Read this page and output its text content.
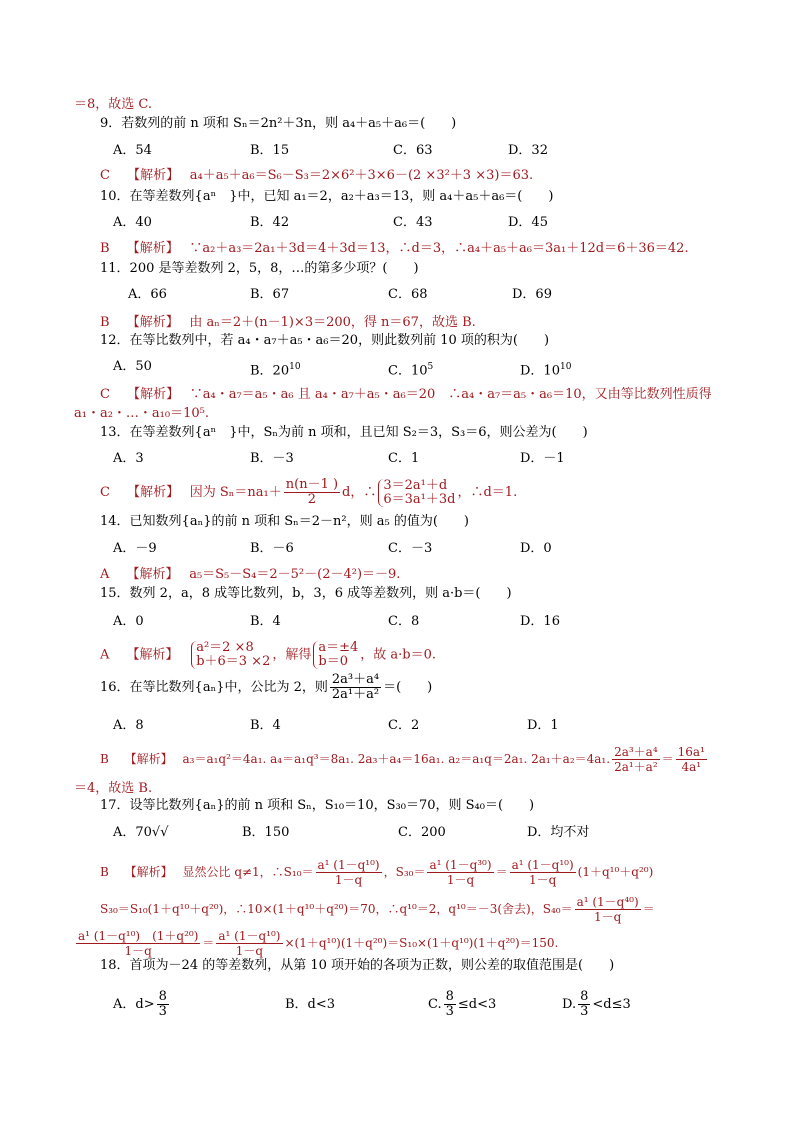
＝8，故选 C.
9．若数列的前 n 项和 Sₙ＝2n²＋3n，则 a₄＋a₅＋a₆＝(　　)
A．54	B．15	C．63	D．32
C　 【解析】　 a₄＋a₅＋a₆＝S₆－S₃＝2×6²＋3×6－(2 ×3²＋3 ×3)＝63.
10．在等差数列{aⁿ　}中，已知 a₁＝2，a₂＋a₃＝13，则 a₄＋a₅＋a₆＝(　　)
A．40	B．42	C．43	D．45
B　 【解析】　 ∵a₂＋a₃＝2a₁＋3d＝4＋3d＝13，∴d＝3，∴a₄＋a₅＋a₆＝3a₁＋12d＝6＋36＝42.
11．200 是等差数列 2，5，8，…的第多少项？(　　)
A．66	B．67	C．68	D．69
B　 【解析】　 由 aₙ＝2＋(n－1)×3＝200，得 n＝67，故选 B.
12．在等比数列中，若 a₄・a₇＋a₅・a₆＝20，则此数列前 10 项的积为(　　)
A．50	B．$20^{10}$	C．$10^5$	D．$10^{10}$
C　 【解析】　 ∵a₄・a₇＝a₅・a₆ 且 a₄・a₇＋a₅・a₆＝20　∴a₄・a₇＝a₅・a₆＝10，又由等比数列性质得
a₁・a₂・…・a₁₀＝10⁵.
13．在等差数列{aⁿ　}中，Sₙ为前 n 项和，且已知 S₂＝3，S₃＝6，则公差为(　　)
A．3	B．－3	C．1	D．－1
C　 【解析】　 因为 $S_n=na_1+ \frac{n(n-1 )}{2}$ d，∴ 3＝2a¹＋d
6＝3a¹＋3d ，∴d＝1.
14．已知数列{aₙ}的前 n 项和 Sₙ＝2－n²，则 a₅ 的值为(　　)
A．－9	B．－6	C．－3	D．0
A　 【解析】　 a₅＝S₅－S₄＝2－5²－(2－4²)＝－9.
15．数列 2，a，8 成等比数列，b，3，6 成等差数列，则 a·b＝(　　)
A．0	B．4	C．8	D．16
A　 【解析】　 a²＝2 ×8
b＋6＝3 ×2 ，解得 a＝±4
b＝0 ，故 a·b＝0.
16．在等比数列{aₙ}中，公比为 2，则 $\frac{\text{2a³＋a⁴}}{\text{2a¹＋a²}}$ ＝(　　)
A．8	B．4	C．2	D．1
B　 【解析】　 a₃＝a₁q²＝4a₁. a₄＝a₁q³＝8a₁. 2a₃＋a₄＝16a₁. a₂＝a₁q＝2a₁. 2a₁＋a₂＝4a₁. $\frac{\text{2a³＋a⁴}}{\text{2a¹＋a²}} = \frac{\text{16a¹}}{\text{4a¹}}$
＝4，故选 B.
17．设等比数列{aₙ}的前 n 项和 Sₙ，S₁₀＝10，S₃₀＝70，则 S₄₀＝(　　)
A．70√√	B．150	C．200	D．均不对
B　 【解析】　 显然公比 q≠1，∴S₁₀＝ $\frac{\text{a¹ (1－q¹⁰)}}{1-q}$ ，$S_{30}= \frac{\text{a¹ (1－q³⁰)}}{1-q} = \frac{\text{a¹ (1－q¹⁰)}}{1-q} (1+q^{10}+q^{20})$
S₃₀＝S₁₀(1＋q¹⁰＋q²⁰)，∴10×(1＋q¹⁰＋q²⁰)＝70，∴q¹⁰＝2，q¹⁰＝－3(舍去)，$S_{40}= \frac{\text{a¹ (1－q⁴⁰)}}{1-q}$ ＝
$\frac{\text{a¹ (1－q¹⁰)　(1＋q²⁰)}}{1-q} = \frac{\text{a¹ (1－q¹⁰)}}{1-q} \times(1+q^{10})(1+q^{20})=S_{10}\times(1+q^{10})(1+q^{20})=150$.
18．首项为－24 的等差数列，从第 10 项开始的各项为正数，则公差的取值范围是(　　)
A．$d> \frac{8}{3}$	B．d<3	C. $\frac{8}{3} \le d<3$	D. $\frac{8}{3} <d\le 3$
